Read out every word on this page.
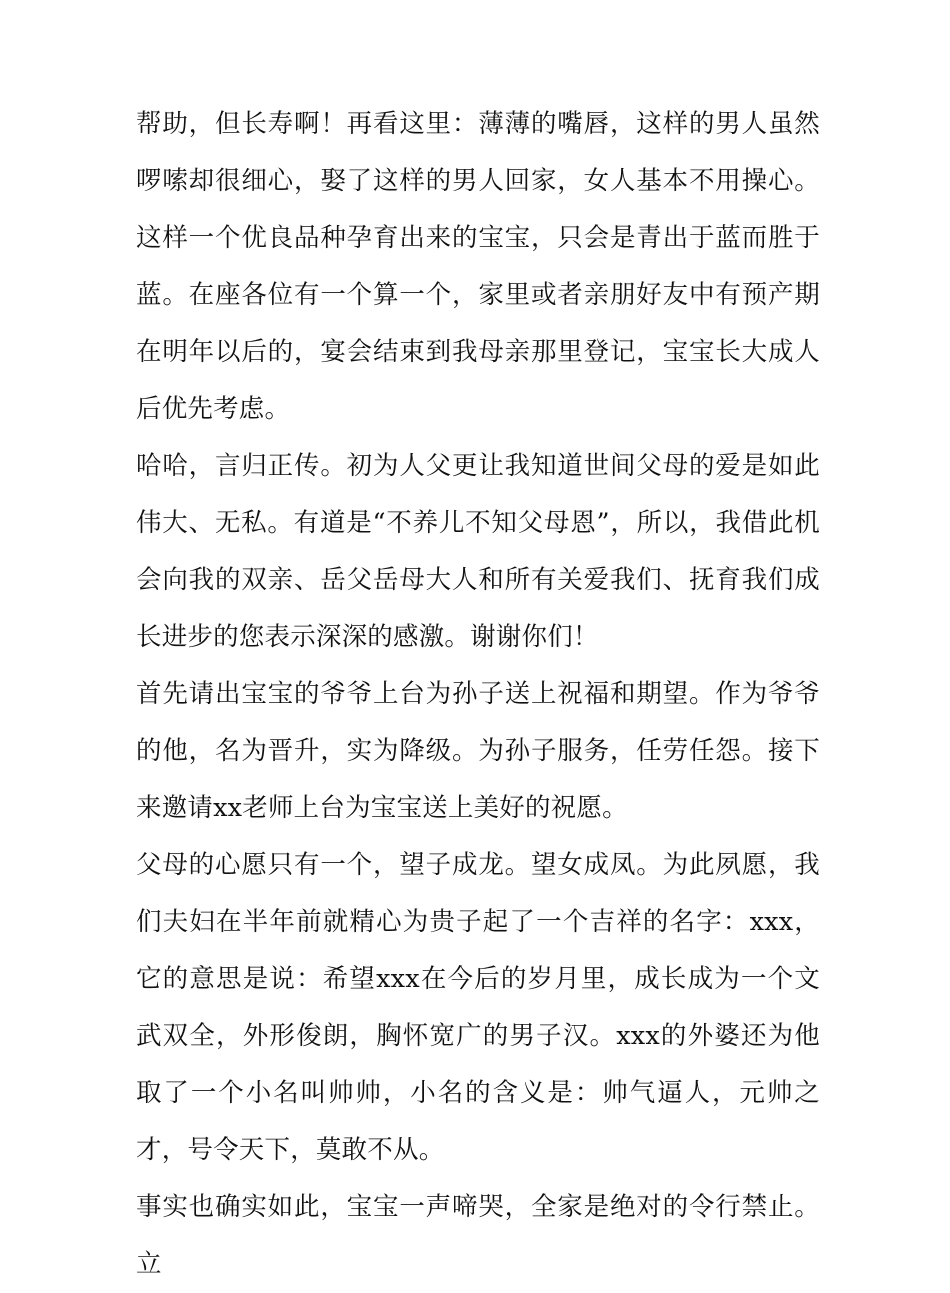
帮助，但长寿啊！再看这里：薄薄的嘴唇，这样的男人虽然啰嗦却很细心，娶了这样的男人回家，女人基本不用操心。这样一个优良品种孕育出来的宝宝，只会是青出于蓝而胜于蓝。在座各位有一个算一个，家里或者亲朋好友中有预产期在明年以后的，宴会结束到我母亲那里登记，宝宝长大成人后优先考虑。

哈哈，言归正传。初为人父更让我知道世间父母的爱是如此伟大、无私。有道是“不养儿不知父母恩”，所以，我借此机会向我的双亲、岳父岳母大人和所有关爱我们、抚育我们成长进步的您表示深深的感激。谢谢你们！

首先请出宝宝的爷爷上台为孙子送上祝福和期望。作为爷爷的他，名为晋升，实为降级。为孙子服务，任劳任怨。接下来邀请xx老师上台为宝宝送上美好的祝愿。

父母的心愿只有一个，望子成龙。望女成凤。为此夙愿，我们夫妇在半年前就精心为贵子起了一个吉祥的名字：xxx，它的意思是说：希望xxx在今后的岁月里，成长成为一个文武双全，外形俊朗，胸怀宽广的男子汉。xxx的外婆还为他取了一个小名叫帅帅，小名的含义是：帅气逼人，元帅之才，号令天下，莫敢不从。

事实也确实如此，宝宝一声啼哭，全家是绝对的令行禁止。立
